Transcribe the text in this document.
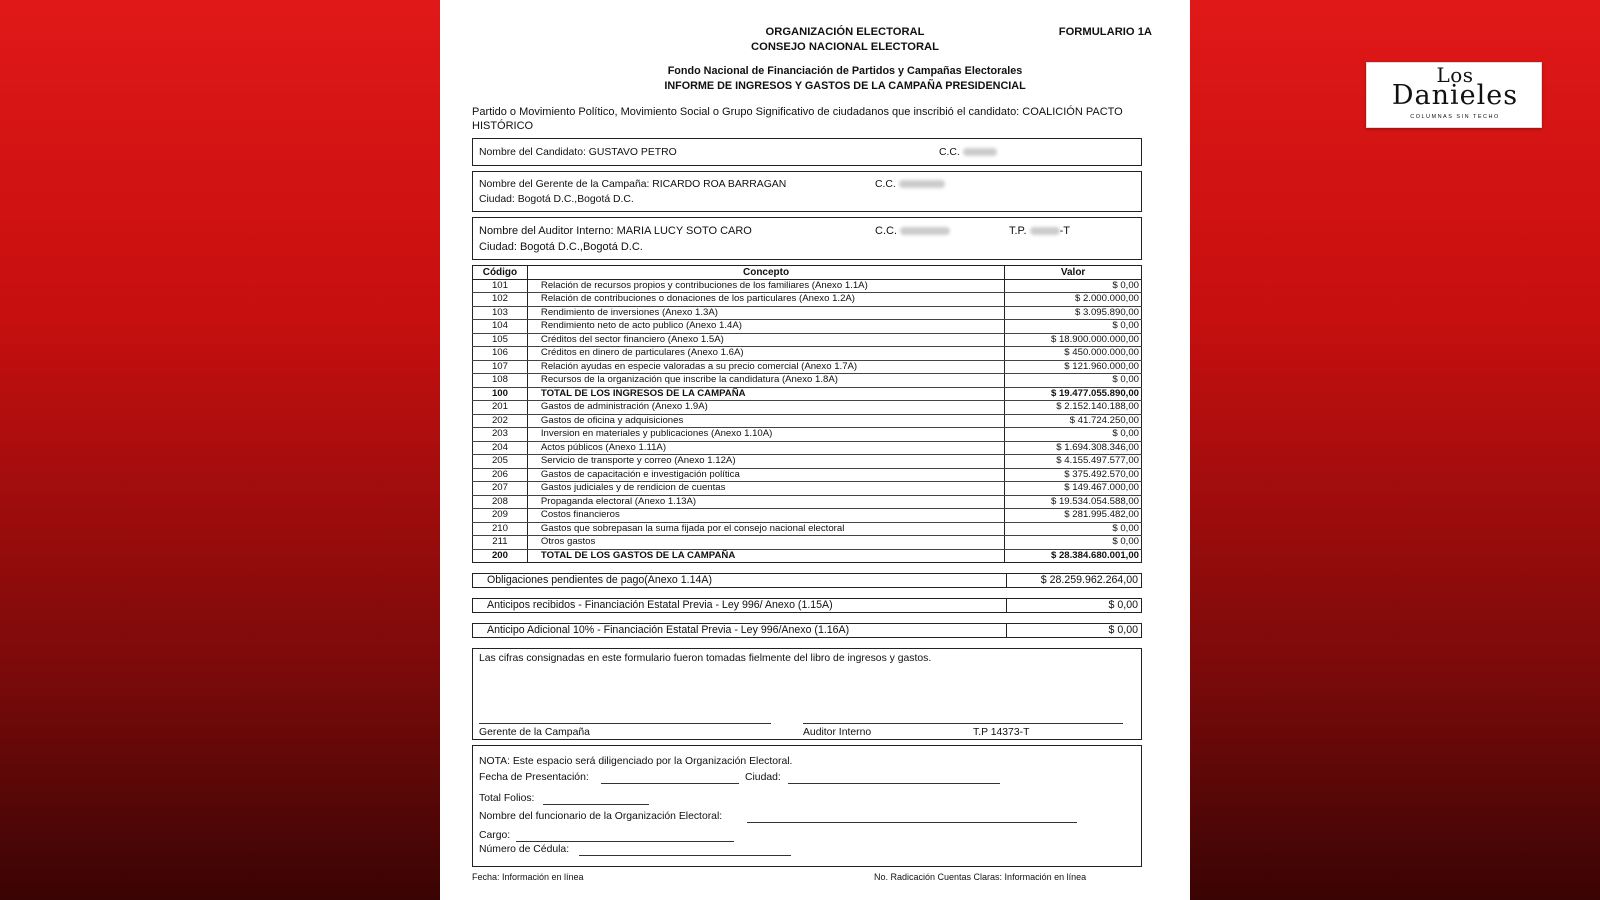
ORGANIZACIÓN ELECTORAL
CONSEJO NACIONAL ELECTORAL
FORMULARIO 1A
Fondo Nacional de Financiación de Partidos y Campañas Electorales
INFORME DE INGRESOS Y GASTOS DE LA CAMPAÑA PRESIDENCIAL
Partido o Movimiento Político, Movimiento Social o Grupo Significativo de ciudadanos que inscribió el candidato: COALICIÓN PACTO HISTÓRICO
Nombre del Candidato: GUSTAVO PETRO	C.C.
Nombre del Gerente de la Campaña: RICARDO ROA BARRAGAN	C.C.
Ciudad: Bogotá D.C.,Bogotá D.C.
Nombre del Auditor Interno: MARIA LUCY SOTO CARO	C.C.	T.P.	-T
Ciudad: Bogotá D.C.,Bogotá D.C.
Código	Concepto	Valor
101	Relación de recursos propios y contribuciones de los familiares (Anexo 1.1A)	$ 0,00
102	Relación de contribuciones o donaciones de los particulares (Anexo 1.2A)	$ 2.000.000,00
103	Rendimiento de inversiones (Anexo 1.3A)	$ 3.095.890,00
104	Rendimiento neto de acto publico (Anexo 1.4A)	$ 0,00
105	Créditos del sector financiero (Anexo 1.5A)	$ 18.900.000.000,00
106	Créditos en dinero de particulares (Anexo 1.6A)	$ 450.000.000,00
107	Relación ayudas en especie valoradas a su precio comercial (Anexo 1.7A)	$ 121.960.000,00
108	Recursos de la organización que inscribe la candidatura (Anexo 1.8A)	$ 0,00
100	TOTAL DE LOS INGRESOS DE LA CAMPAÑA	$ 19.477.055.890,00
201	Gastos de administración (Anexo 1.9A)	$ 2.152.140.188,00
202	Gastos de oficina y adquisiciones	$ 41.724.250,00
203	Inversion en materiales y publicaciones (Anexo 1.10A)	$ 0,00
204	Actos públicos (Anexo 1.11A)	$ 1.694.308.346,00
205	Servicio de transporte y correo (Anexo 1.12A)	$ 4.155.497.577,00
206	Gastos de capacitación e investigación política	$ 375.492.570,00
207	Gastos judiciales y de rendicion de cuentas	$ 149.467.000,00
208	Propaganda electoral (Anexo 1.13A)	$ 19.534.054.588,00
209	Costos financieros	$ 281.995.482,00
210	Gastos que sobrepasan la suma fijada por el consejo nacional electoral	$ 0,00
211	Otros gastos	$ 0,00
200	TOTAL DE LOS GASTOS DE LA CAMPAÑA	$ 28.384.680.001,00
Obligaciones pendientes de pago(Anexo 1.14A)	$ 28.259.962.264,00
Anticipos recibidos - Financiación Estatal Previa - Ley 996/ Anexo (1.15A)	$ 0,00
Anticipo Adicional 10% - Financiación Estatal Previa - Ley 996/Anexo (1.16A)	$ 0,00
Las cifras consignadas en este formulario fueron tomadas fielmente del libro de ingresos y gastos.
Gerente de la Campaña	Auditor Interno	T.P 14373-T
NOTA: Este espacio será diligenciado por la Organización Electoral.
Fecha de Presentación:	Ciudad:
Total Folios:
Nombre del funcionario de la Organización Electoral:
Cargo:
Número de Cédula:
Fecha: Información en línea	No. Radicación Cuentas Claras: Información en línea
Los
Danieles
COLUMNAS SIN TECHO
